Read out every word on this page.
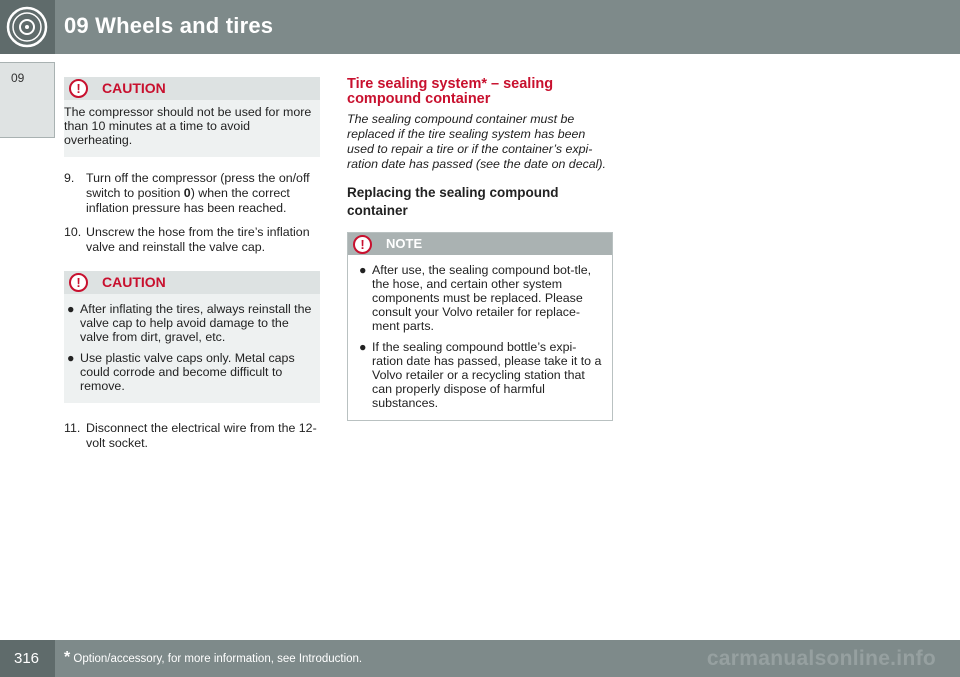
09 Wheels and tires
09
!	CAUTION

The compressor should not be used for more than 10 minutes at a time to avoid overheating.

9. Turn off the compressor (press the on/off switch to position 0) when the correct inflation pressure has been reached.
10. Unscrew the hose from the tire’s inflation valve and reinstall the valve cap.
!	CAUTION
● After inflating the tires, always reinstall the valve cap to help avoid damage to the valve from dirt, gravel, etc.
● Use plastic valve caps only. Metal caps could corrode and become difficult to remove.
11. Disconnect the electrical wire from the 12-volt socket.
Tire sealing system* – sealing compound container
The sealing compound container must be replaced if the tire sealing system has been used to repair a tire or if the container’s expi-ration date has passed (see the date on decal).
Replacing the sealing compound container
!	NOTE
● After use, the sealing compound bot-tle, the hose, and certain other system components must be replaced. Please consult your Volvo retailer for replace-ment parts.
● If the sealing compound bottle’s expi-ration date has passed, please take it to a Volvo retailer or a recycling station that can properly dispose of harmful substances.
316 * Option/accessory, for more information, see Introduction.	carmanualsonline.info
